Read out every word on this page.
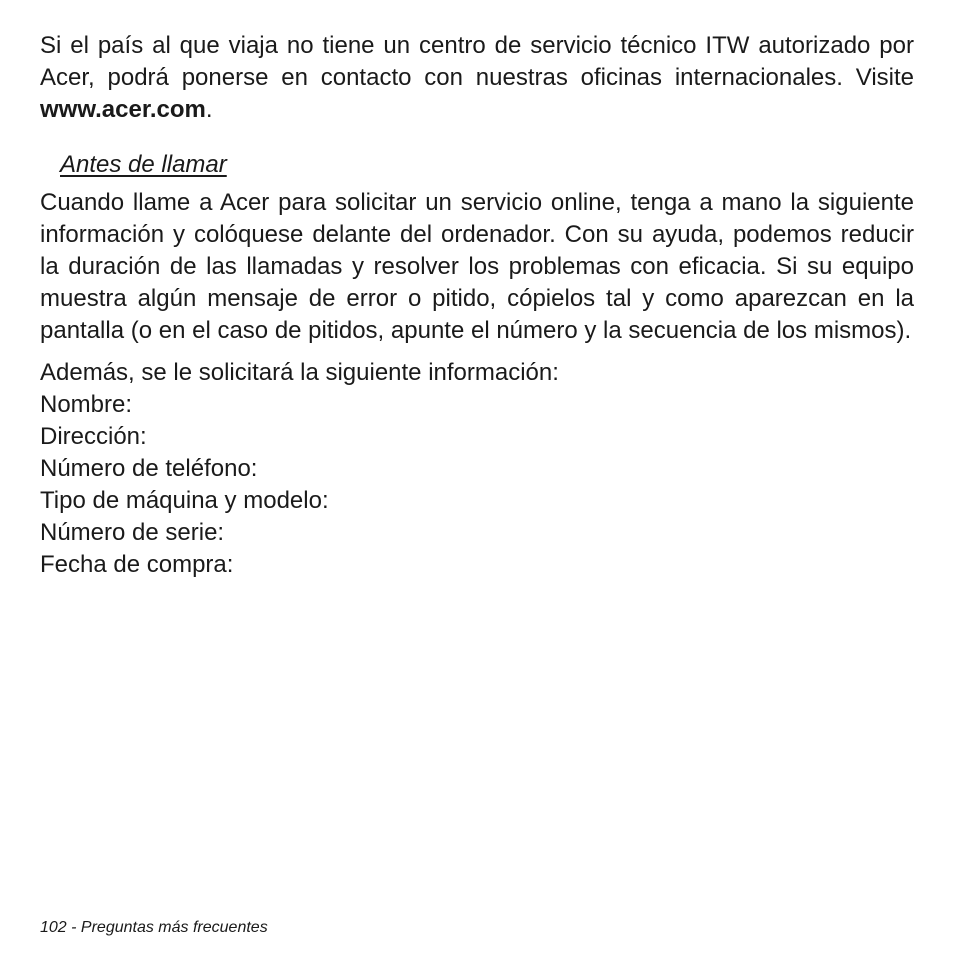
Si el país al que viaja no tiene un centro de servicio técnico ITW autorizado por Acer, podrá ponerse en contacto con nuestras oficinas internacionales. Visite www.acer.com.

Antes de llamar

Cuando llame a Acer para solicitar un servicio online, tenga a mano la siguiente información y colóquese delante del ordenador. Con su ayuda, podemos reducir la duración de las llamadas y resolver los problemas con eficacia. Si su equipo muestra algún mensaje de error o pitido, cópielos tal y como aparezcan en la pantalla (o en el caso de pitidos, apunte el número y la secuencia de los mismos).

Además, se le solicitará la siguiente información:
Nombre:
Dirección:
Número de teléfono:
Tipo de máquina y modelo:
Número de serie:
Fecha de compra:
102 - Preguntas más frecuentes
